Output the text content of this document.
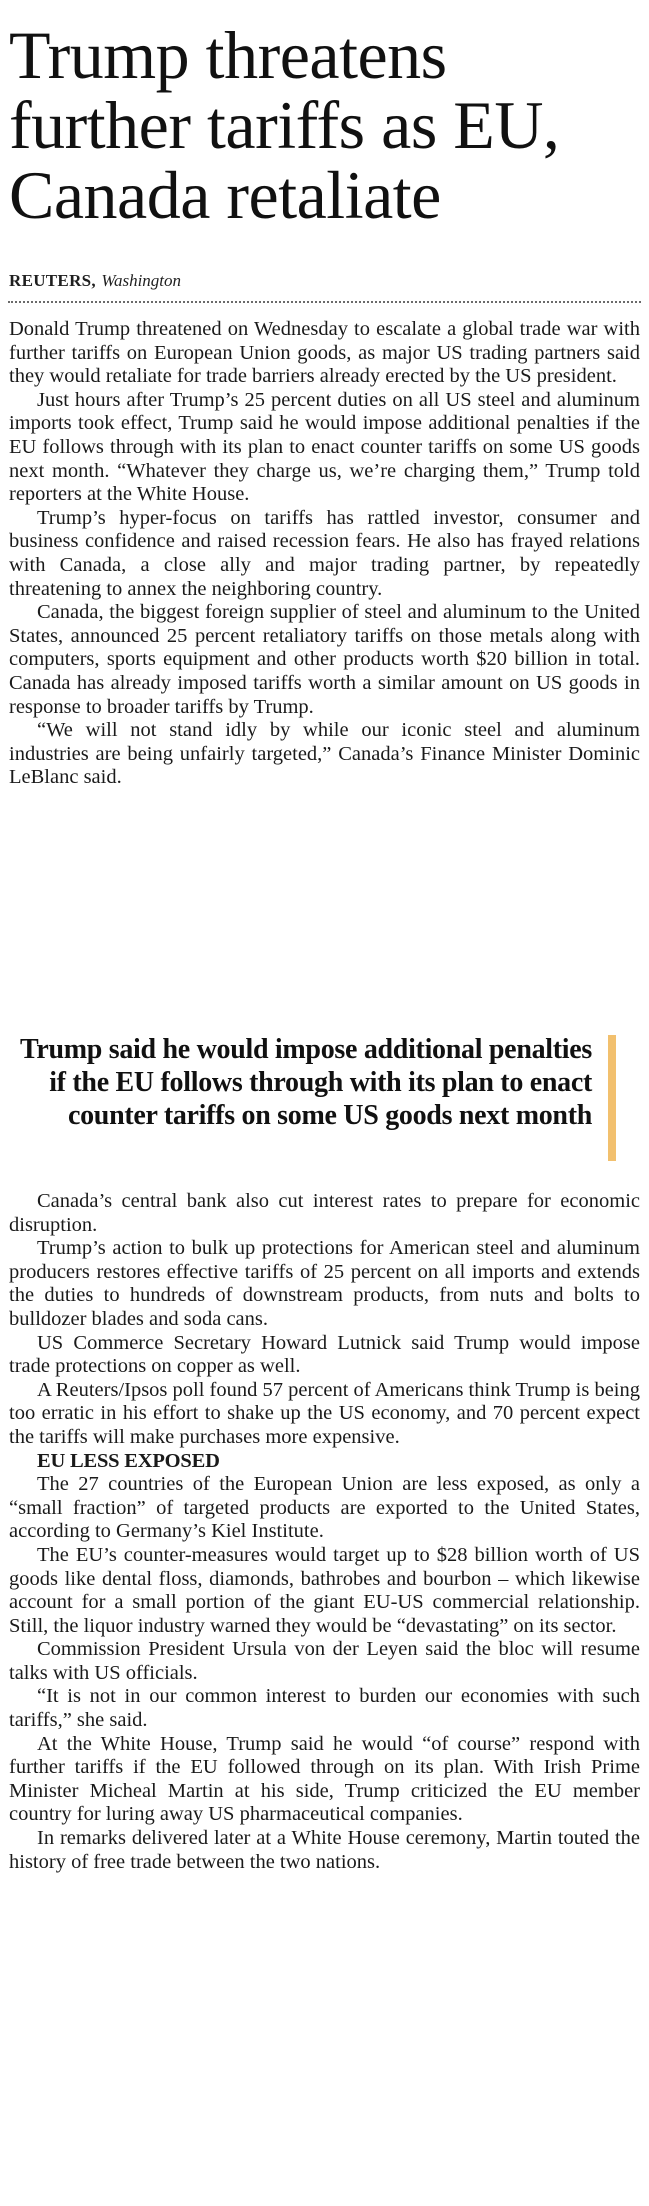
Trump threatens further tariffs as EU, Canada retaliate
REUTERS, Washington

Donald Trump threatened on Wednesday to escalate a global trade war with further tariffs on European Union goods, as major US trading partners said they would retaliate for trade barriers already erected by the US president.

Just hours after Trump’s 25 percent duties on all US steel and aluminum imports took effect, Trump said he would impose additional penalties if the EU follows through with its plan to enact counter tariffs on some US goods next month. “Whatever they charge us, we’re charging them,” Trump told reporters at the White House.

Trump’s hyper-focus on tariffs has rattled investor, consumer and business confidence and raised recession fears. He also has frayed relations with Canada, a close ally and major trading partner, by repeatedly threatening to annex the neighboring country.

Canada, the biggest foreign supplier of steel and aluminum to the United States, announced 25 percent retaliatory tariffs on those metals along with computers, sports equipment and other products worth $20 billion in total. Canada has already imposed tariffs worth a similar amount on US goods in response to broader tariffs by Trump.

“We will not stand idly by while our iconic steel and aluminum industries are being unfairly targeted,” Canada’s Finance Minister Dominic LeBlanc said.

Trump said he would impose additional penalties if the EU follows through with its plan to enact counter tariffs on some US goods next month

Canada’s central bank also cut interest rates to prepare for economic disruption.

Trump’s action to bulk up protections for American steel and aluminum producers restores effective tariffs of 25 percent on all imports and extends the duties to hundreds of downstream products, from nuts and bolts to bulldozer blades and soda cans.

US Commerce Secretary Howard Lutnick said Trump would impose trade protections on copper as well.

A Reuters/Ipsos poll found 57 percent of Americans think Trump is being too erratic in his effort to shake up the US economy, and 70 percent expect the tariffs will make purchases more expensive.

EU LESS EXPOSED

The 27 countries of the European Union are less exposed, as only a “small fraction” of targeted products are exported to the United States, according to Germany’s Kiel Institute.

The EU’s counter-measures would target up to $28 billion worth of US goods like dental floss, diamonds, bathrobes and bourbon – which likewise account for a small portion of the giant EU-US commercial relationship. Still, the liquor industry warned they would be “devastating” on its sector.

Commission President Ursula von der Leyen said the bloc will resume talks with US officials.

“It is not in our common interest to burden our economies with such tariffs,” she said.

At the White House, Trump said he would “of course” respond with further tariffs if the EU followed through on its plan. With Irish Prime Minister Micheal Martin at his side, Trump criticized the EU member country for luring away US pharmaceutical companies.

In remarks delivered later at a White House ceremony, Martin touted the history of free trade between the two nations.
